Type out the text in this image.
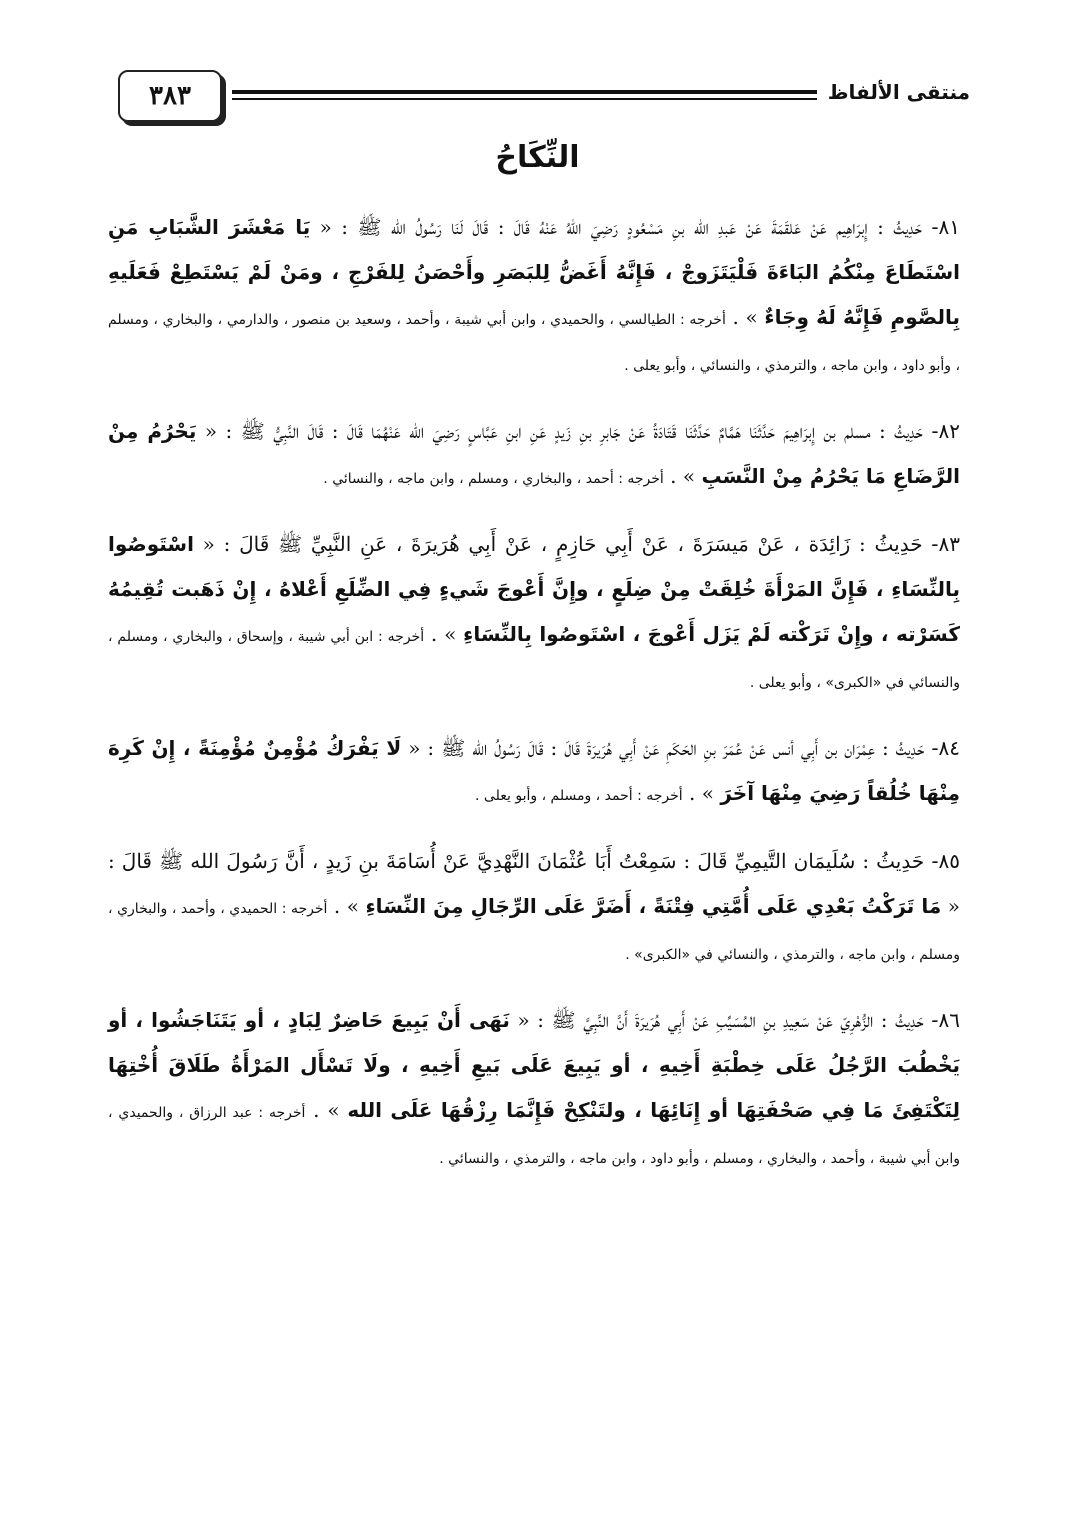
٣٨٣	منتقى الألفاظ
النِّكَاحُ

٨١- حَدِيثُ : إِبرَاهِيم عَنْ عَلقَمَةَ عَنْ عَبدِ الله بنِ مَسْعُودٍ رَضِيَ اللهُ عَنْهُ قَالَ : قَالَ لَنَا رَسُولُ الله ﷺ : « يَا مَعْشَرَ الشَّبَابِ مَنِ اسْتَطَاعَ مِنْكُمُ البَاءَةَ فَلْيَتَزَوجْ ، فَإِنَّهُ أَغَضُّ لِلبَصَرِ وأَحْصَنُ لِلفَرْجِ ، ومَنْ لَمْ يَسْتَطِعْ فَعَلَيهِ بِالصَّومِ فَإِنَّهُ لَهُ وِجَاءٌ » . أخرجه : الطيالسي ، والحميدي ، وابن أبي شيبة ، وأحمد ، وسعيد بن منصور ، والدارمي ، والبخاري ، ومسلم ، وأبو داود ، وابن ماجه ، والترمذي ، والنسائي ، وأبو يعلى .

٨٢- حَدِيثُ : مسلم بن إِبرَاهِيمَ حَدَّثَنَا هَمَّامٌ حَدَّثَنَا قَتَادَةُ عَنْ جَابرِ بنِ زَيدٍ عَنِ ابنِ عَبَّاسٍ رَضِيَ الله عَنْهُمَا قَالَ : قَالَ النَّبِيُّ ﷺ : « يَحْرُمُ مِنْ الرَّضَاعِ مَا يَحْرُمُ مِنْ النَّسَبِ » . أخرجه : أحمد ، والبخاري ، ومسلم ، وابن ماجه ، والنسائي .

٨٣- حَدِيثُ : زَائِدَة ، عَنْ مَيسَرَةَ ، عَنْ أَبِي حَازِمٍ ، عَنْ أَبِي هُرَيرَةَ ، عَنِ النَّبِيِّ ﷺ قَالَ : « اسْتَوصُوا بِالنِّسَاءِ ، فَإِنَّ المَرْأَةَ خُلِقَتْ مِنْ ضِلَعٍ ، وإِنَّ أَعْوجَ شَيءٍ فِي الضِّلَعِ أَعْلاهُ ، إِنْ ذَهَبت تُقِيمُهُ كَسَرْته ، وإِنْ تَرَكْته لَمْ يَزَل أَعْوجَ ، اسْتَوصُوا بِالنِّسَاءِ » . أخرجه : ابن أبي شيبة ، وإسحاق ، والبخاري ، ومسلم ، والنسائي في «الكبرى» ، وأبو يعلى .

٨٤- حَدِيثُ : عِمْرَان بن أَبِي أنس عَنْ عُمَرَ بنِ الحَكَمِ عَنْ أَبِي هُرَيرَةَ قَالَ : قَالَ رَسُولُ الله ﷺ : « لَا يَفْرَكُ مُؤْمِنٌ مُؤْمِنَةً ، إِنْ كَرِهَ مِنْهَا خُلُقاً رَضِيَ مِنْهَا آخَرَ » . أخرجه : أحمد ، ومسلم ، وأبو يعلى .

٨٥- حَدِيثُ : سُلَيمَان التَّيمِيِّ قَالَ : سَمِعْتُ أَبَا عُثْمَانَ النَّهْدِيَّ عَنْ أُسَامَةَ بنِ زَيدٍ ، أَنَّ رَسُولَ الله ﷺ قَالَ : « مَا تَرَكْتُ بَعْدِي عَلَى أُمَّتِي فِتْنَةً ، أَضَرَّ عَلَى الرِّجَالِ مِنَ النِّسَاءِ » . أخرجه : الحميدي ، وأحمد ، والبخاري ، ومسلم ، وابن ماجه ، والترمذي ، والنسائي في «الكبرى» .

٨٦- حَدِيثُ : الزُّهْرِيّ عَنْ سَعِيدِ بنِ المُسَيِّبِ عَنْ أَبِي هُرَيرَةَ أَنَّ النَّبِيَّ ﷺ : « نَهَى أَنْ يَبِيعَ حَاضِرٌ لِبَادٍ ، أو يَتَنَاجَشُوا ، أو يَخْطُبَ الرَّجُلُ عَلَى خِطْبَةِ أَخِيهِ ، أو يَبِيعَ عَلَى بَيعِ أَخِيهِ ، ولَا تَسْأَل المَرْأَةُ طَلَاقَ أُخْتِهَا لِتَكْتَفِئَ مَا فِي صَحْفَتِهَا أو إِنَائِهَا ، ولتَنْكِحْ فَإِنَّمَا رِزْقُهَا عَلَى الله » . أخرجه : عبد الرزاق ، والحميدي ، وابن أبي شيبة ، وأحمد ، والبخاري ، ومسلم ، وأبو داود ، وابن ماجه ، والترمذي ، والنسائي .
